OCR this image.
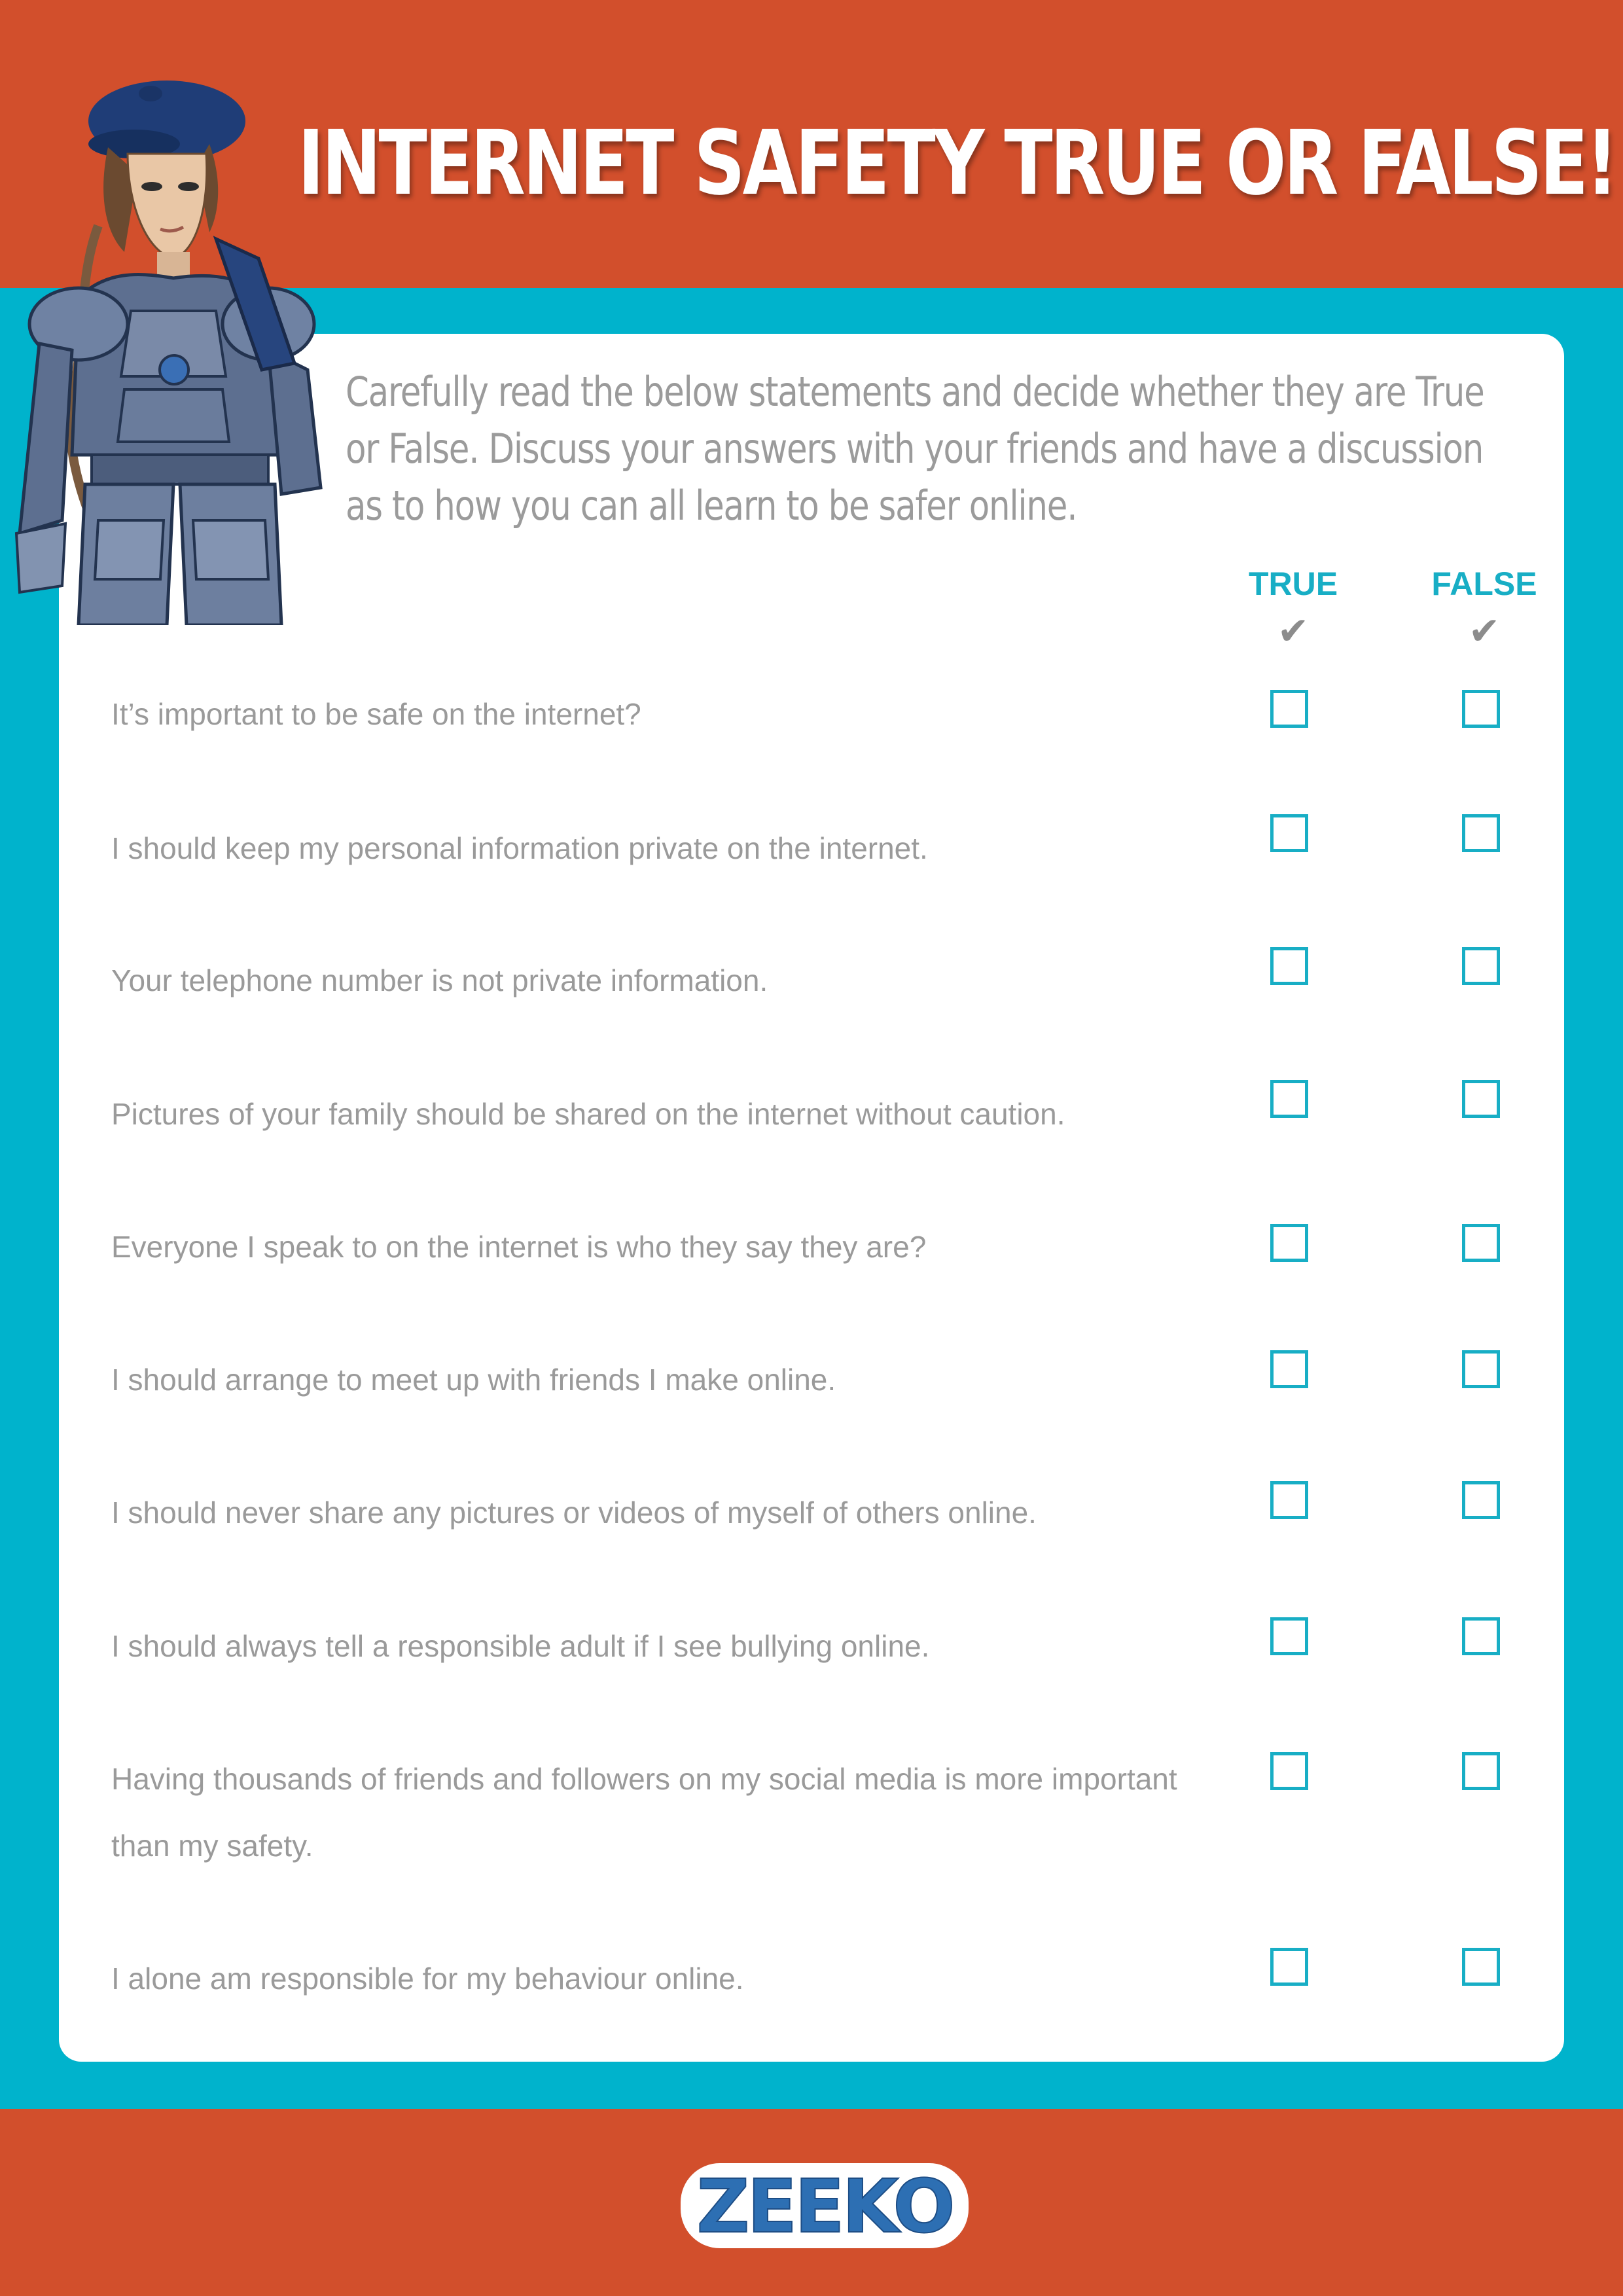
INTERNET SAFETY TRUE OR FALSE!

Carefully read the below statements and decide whether they are True
or False. Discuss your answers with your friends and have a discussion
as to how you can all learn to be safer online.

TRUE	FALSE
✔	✔
It’s important to be safe on the internet?
I should keep my personal information private on the internet.
Your telephone number is not private information.
Pictures of your family should be shared on the internet without caution.
Everyone I speak to on the internet is who they say they are?
I should arrange to meet up with friends I make online.
I should never share any pictures or videos of myself of others online.
I should always tell a responsible adult if I see bullying online.
Having thousands of friends and followers on my social media is more important than my safety.
I alone am responsible for my behaviour online.
ZEEKO
